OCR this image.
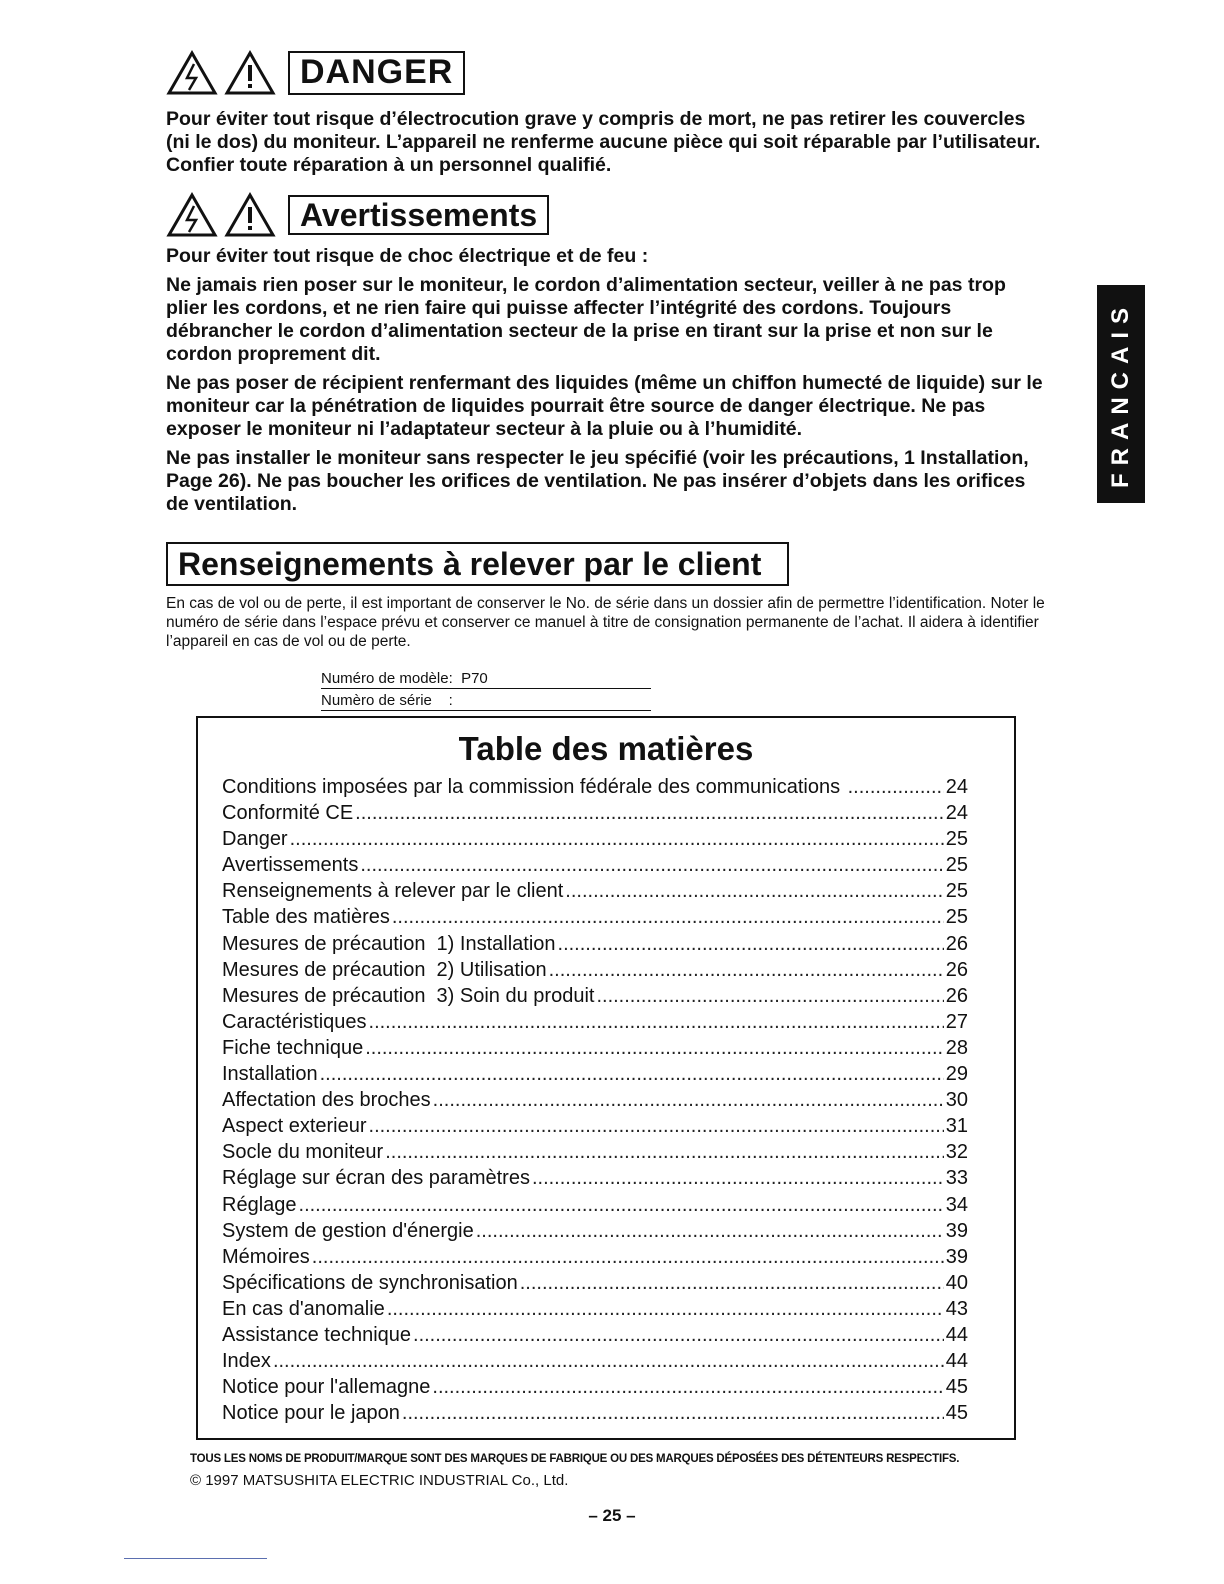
DANGER

Pour éviter tout risque d’électrocution grave y compris de mort, ne pas retirer les couvercles (ni le dos) du moniteur. L’appareil ne renferme aucune pièce qui soit réparable par l’utilisateur. Confier toute réparation à un personnel qualifié.

Avertissements

Pour éviter tout risque de choc électrique et de feu :

Ne jamais rien poser sur le moniteur, le cordon d’alimentation secteur, veiller à ne pas trop plier les cordons, et ne rien faire qui puisse affecter l’intégrité des cordons. Toujours débrancher le cordon d’alimentation secteur de la prise en tirant sur la prise et non sur le cordon proprement dit.

Ne pas poser de récipient renfermant des liquides (même un chiffon humecté de liquide) sur le moniteur car la pénétration de liquides pourrait être source de danger électrique. Ne pas exposer le moniteur ni l’adaptateur secteur à la pluie ou à l’humidité.

Ne pas installer le moniteur sans respecter le jeu spécifié (voir les précautions, 1 Installation, Page 26). Ne pas boucher les orifices de ventilation. Ne pas insérer d’objets dans les orifices de ventilation.

FRANCAIS
Renseignements à relever par le client

En cas de vol ou de perte, il est important de conserver le No. de série dans un dossier afin de permettre l’identification. Noter le numéro de série dans l’espace prévu et conserver ce manuel à titre de consignation permanente de l’achat. Il aidera à identifier l’appareil en cas de vol ou de perte.

Numéro de modèle: P70
Numèro de série :
Table des matières
Conditions imposées par la commission fédérale des communications .....	24
Conformité CE .....	24
Danger .....	25
Avertissements .....	25
Renseignements à relever par le client .....	25
Table des matières .....	25
Mesures de précaution  1) Installation .....	26
Mesures de précaution  2) Utilisation .....	26
Mesures de précaution  3) Soin du produit .....	26
Caractéristiques .....	27
Fiche technique .....	28
Installation .....	29
Affectation des broches .....	30
Aspect exterieur .....	31
Socle du moniteur .....	32
Réglage sur écran des paramètres .....	33
Réglage .....	34
System de gestion d'énergie .....	39
Mémoires .....	39
Spécifications de synchronisation .....	40
En cas d'anomalie .....	43
Assistance technique .....	44
Index .....	44
Notice pour l'allemagne .....	45
Notice pour le japon .....	45
TOUS LES NOMS DE PRODUIT/MARQUE SONT DES MARQUES DE FABRIQUE OU DES MARQUES DÉPOSÉES DES DÉTENTEURS RESPECTIFS.
© 1997 MATSUSHITA ELECTRIC INDUSTRIAL Co., Ltd.
– 25 –
